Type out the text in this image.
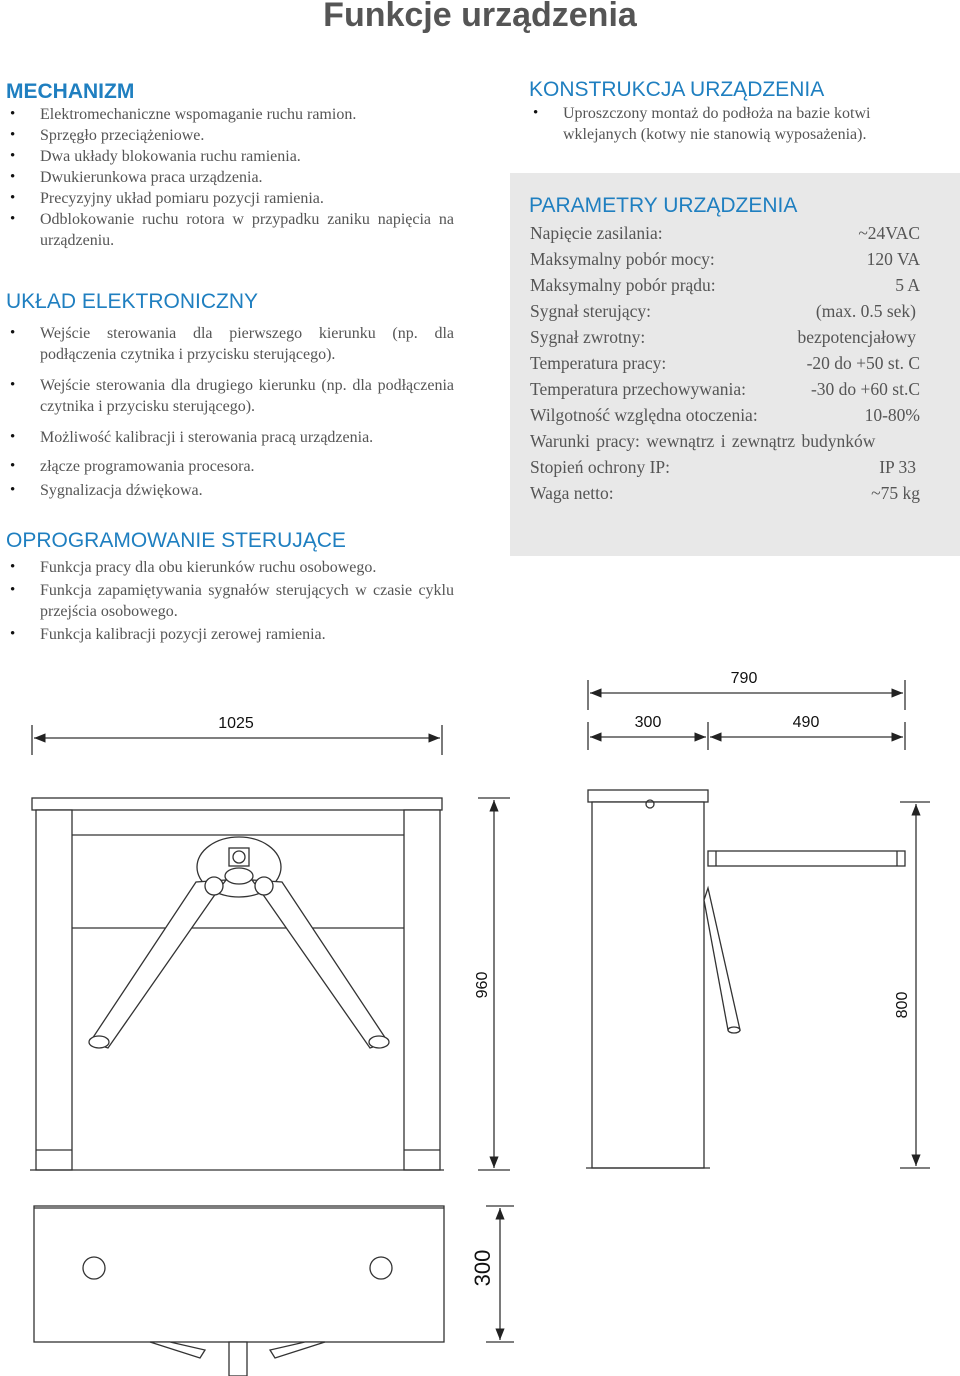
Funkcje urządzenia
MECHANIZM
• Elektromechaniczne wspomaganie ruchu ramion.
• Sprzęgło przeciążeniowe.
• Dwa układy blokowania ruchu ramienia.
• Dwukierunkowa praca urządzenia.
• Precyzyjny układ pomiaru pozycji ramienia.
• Odblokowanie ruchu rotora w przypadku zaniku napięcia na urządzeniu.
UKŁAD ELEKTRONICZNY
• Wejście sterowania dla pierwszego kierunku (np. dla podłączenia czytnika i przycisku sterującego).
• Wejście sterowania dla drugiego kierunku (np. dla podłączenia czytnika i przycisku sterującego).
• Możliwość kalibracji i sterowania pracą urządzenia.
• złącze programowania procesora.
• Sygnalizacja dźwiękowa.
OPROGRAMOWANIE STERUJĄCE
• Funkcja pracy dla obu kierunków ruchu osobowego.
• Funkcja zapamiętywania sygnałów sterujących w czasie cyklu przejścia osobowego.
• Funkcja kalibracji pozycji zerowej ramienia.
KONSTRUKCJA URZĄDZENIA
• Uproszczony montaż do podłoża na bazie kotwi wklejanych (kotwy nie stanowią wyposażenia).
PARAMETRY URZĄDZENIA
Napięcie zasilania:	~24VAC
Maksymalny pobór mocy:	120 VA
Maksymalny pobór prądu:	5 A
Sygnał sterujący:	(max. 0.5 sek)
Sygnał zwrotny:	bezpotencjałowy
Temperatura pracy:	-20 do +50 st. C
Temperatura przechowywania:	-30 do +60 st.C
Wilgotność względna otoczenia:	10-80%
Warunki pracy: wewnątrz i zewnątrz budynków
Stopień ochrony IP:	IP 33
Waga netto:	~75 kg
1025
960
790
300	490
800
300
